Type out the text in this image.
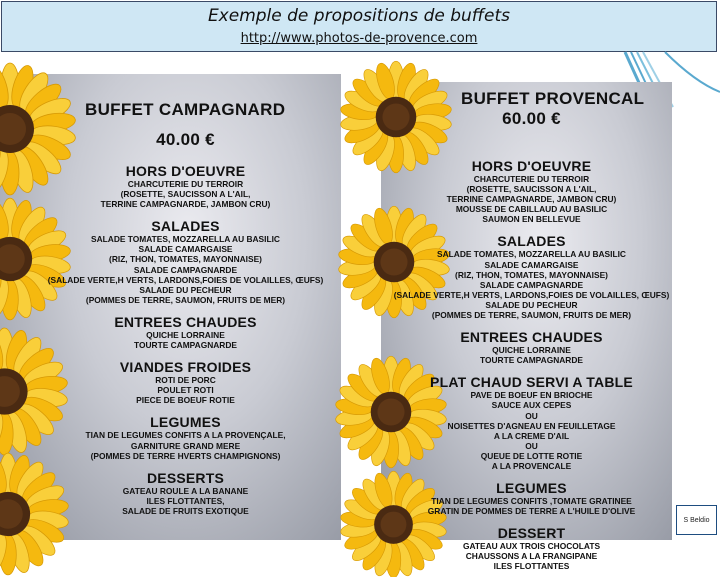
Exemple de propositions de buffets
http://www.photos-de-provence.com
BUFFET CAMPAGNARD
40.00 €
HORS D'OEUVRE
CHARCUTERIE DU TERROIR
(ROSETTE, SAUCISSON A L'AIL,
TERRINE CAMPAGNARDE, JAMBON CRU)
SALADES
SALADE TOMATES, MOZZARELLA AU BASILIC
SALADE CAMARGAISE
(RIZ, THON, TOMATES, MAYONNAISE)
SALADE CAMPAGNARDE
(SALADE VERTE,H VERTS, LARDONS,FOIES DE VOLAILLES, ŒUFS)
SALADE DU PECHEUR
(POMMES DE TERRE, SAUMON, FRUITS DE MER)
ENTREES CHAUDES
QUICHE LORRAINE
TOURTE CAMPAGNARDE
VIANDES FROIDES
ROTI DE PORC
POULET ROTI
PIECE DE BOEUF ROTIE
LEGUMES
TIAN DE LEGUMES CONFITS A LA PROVENÇALE,
GARNITURE GRAND MERE
(POMMES DE TERRE HVERTS CHAMPIGNONS)
DESSERTS
GATEAU ROULE A LA BANANE
ILES FLOTTANTES,
SALADE DE FRUITS EXOTIQUE
BUFFET PROVENCAL
60.00 €
HORS D'OEUVRE
CHARCUTERIE DU TERROIR
(ROSETTE, SAUCISSON A L'AIL,
TERRINE CAMPAGNARDE, JAMBON CRU)
MOUSSE DE CABILLAUD AU BASILIC
SAUMON EN BELLEVUE
SALADES
SALADE TOMATES, MOZZARELLA AU BASILIC
SALADE CAMARGAISE
(RIZ, THON, TOMATES, MAYONNAISE)
SALADE CAMPAGNARDE
(SALADE VERTE,H VERTS, LARDONS,FOIES DE VOLAILLES, ŒUFS)
SALADE DU PECHEUR
(POMMES DE TERRE, SAUMON, FRUITS DE MER)
ENTREES CHAUDES
QUICHE LORRAINE
TOURTE CAMPAGNARDE
PLAT CHAUD SERVI A TABLE
PAVE DE BOEUF EN BRIOCHE
SAUCE AUX CEPES
OU
NOISETTES D'AGNEAU EN FEUILLETAGE
A LA CREME D'AIL
OU
QUEUE DE LOTTE ROTIE
A LA PROVENCALE
LEGUMES
TIAN DE LEGUMES CONFITS ,TOMATE GRATINEE
GRATIN DE POMMES DE TERRE A L'HUILE D'OLIVE
DESSERT
GATEAU AUX TROIS CHOCOLATS
CHAUSSONS A LA FRANGIPANE
ILES FLOTTANTES
S Beldio
